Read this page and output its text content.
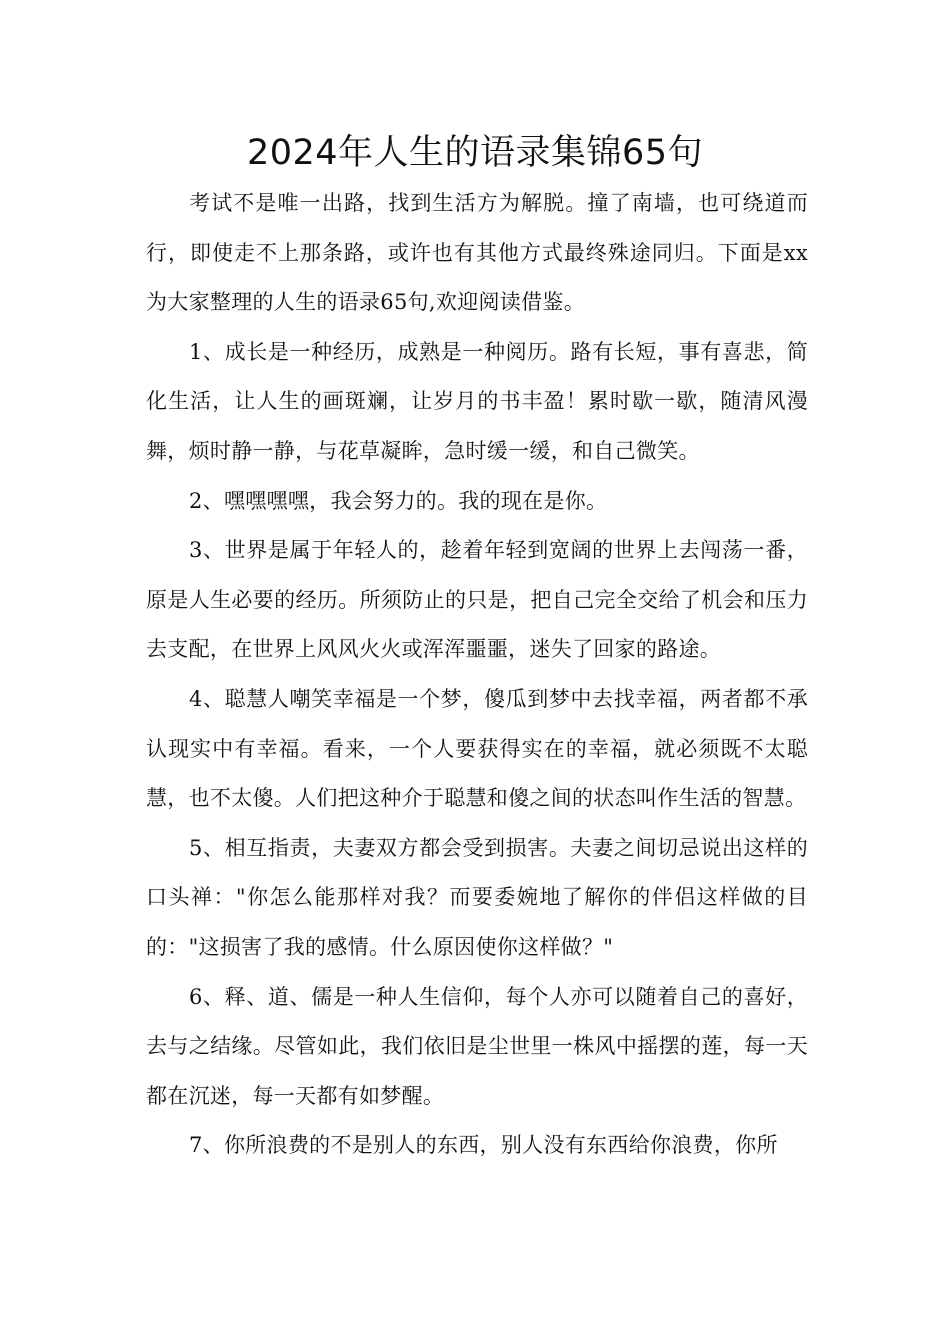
2024年人生的语录集锦65句

考试不是唯一出路，找到生活方为解脱。撞了南墙，也可绕道而行，即使走不上那条路，或许也有其他方式最终殊途同归。下面是xx为大家整理的人生的语录65句,欢迎阅读借鉴。

1、成长是一种经历，成熟是一种阅历。路有长短，事有喜悲，简化生活，让人生的画斑斓，让岁月的书丰盈！累时歇一歇，随清风漫舞，烦时静一静，与花草凝眸，急时缓一缓，和自己微笑。

2、嘿嘿嘿嘿，我会努力的。我的现在是你。

3、世界是属于年轻人的，趁着年轻到宽阔的世界上去闯荡一番，原是人生必要的经历。所须防止的只是，把自己完全交给了机会和压力去支配，在世界上风风火火或浑浑噩噩，迷失了回家的路途。

4、聪慧人嘲笑幸福是一个梦，傻瓜到梦中去找幸福，两者都不承认现实中有幸福。看来，一个人要获得实在的幸福，就必须既不太聪慧，也不太傻。人们把这种介于聪慧和傻之间的状态叫作生活的智慧。

5、相互指责，夫妻双方都会受到损害。夫妻之间切忌说出这样的口头禅："你怎么能那样对我？而要委婉地了解你的伴侣这样做的目的："这损害了我的感情。什么原因使你这样做？"

6、释、道、儒是一种人生信仰，每个人亦可以随着自己的喜好，去与之结缘。尽管如此，我们依旧是尘世里一株风中摇摆的莲，每一天都在沉迷，每一天都有如梦醒。

7、你所浪费的不是别人的东西，别人没有东西给你浪费，你所
